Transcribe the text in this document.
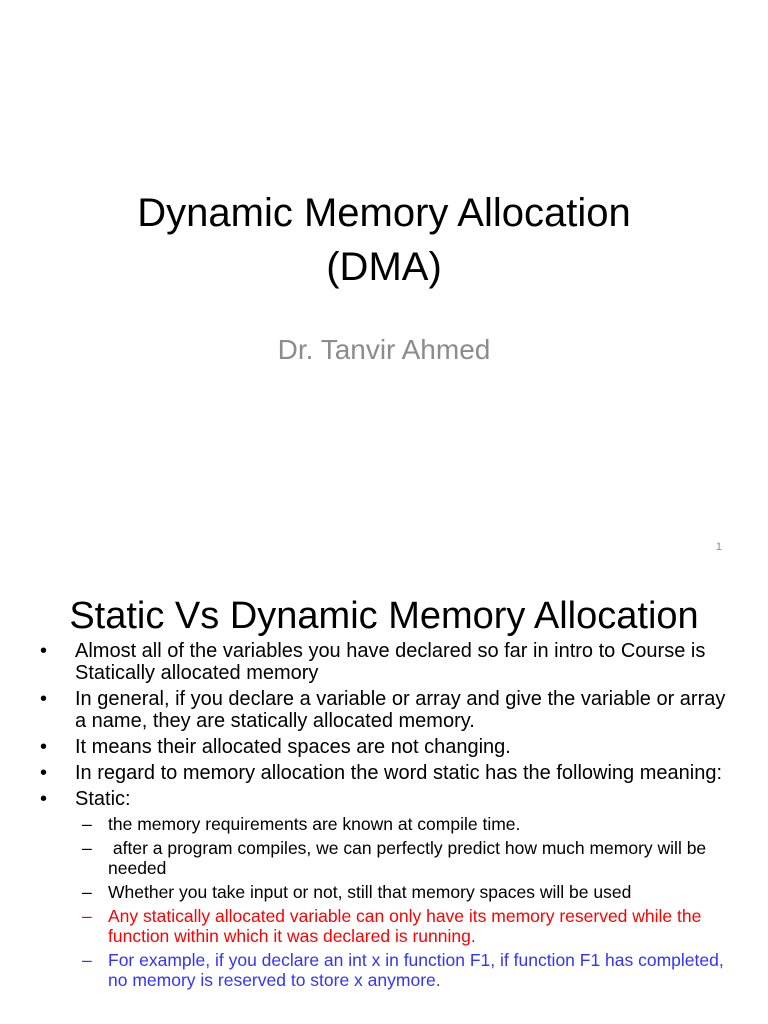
Dynamic Memory Allocation
(DMA)
Dr. Tanvir Ahmed
1
Static Vs Dynamic Memory Allocation
• Almost all of the variables you have declared so far in intro to Course is Statically allocated memory
• In general, if you declare a variable or array and give the variable or array a name, they are statically allocated memory.
• It means their allocated spaces are not changing.
• In regard to memory allocation the word static has the following meaning:
• Static:
– the memory requirements are known at compile time.
– after a program compiles, we can perfectly predict how much memory will be needed
– Whether you take input or not, still that memory spaces will be used
– Any statically allocated variable can only have its memory reserved while the function within which it was declared is running.
– For example, if you declare an int x in function F1, if function F1 has completed, no memory is reserved to store x anymore.
